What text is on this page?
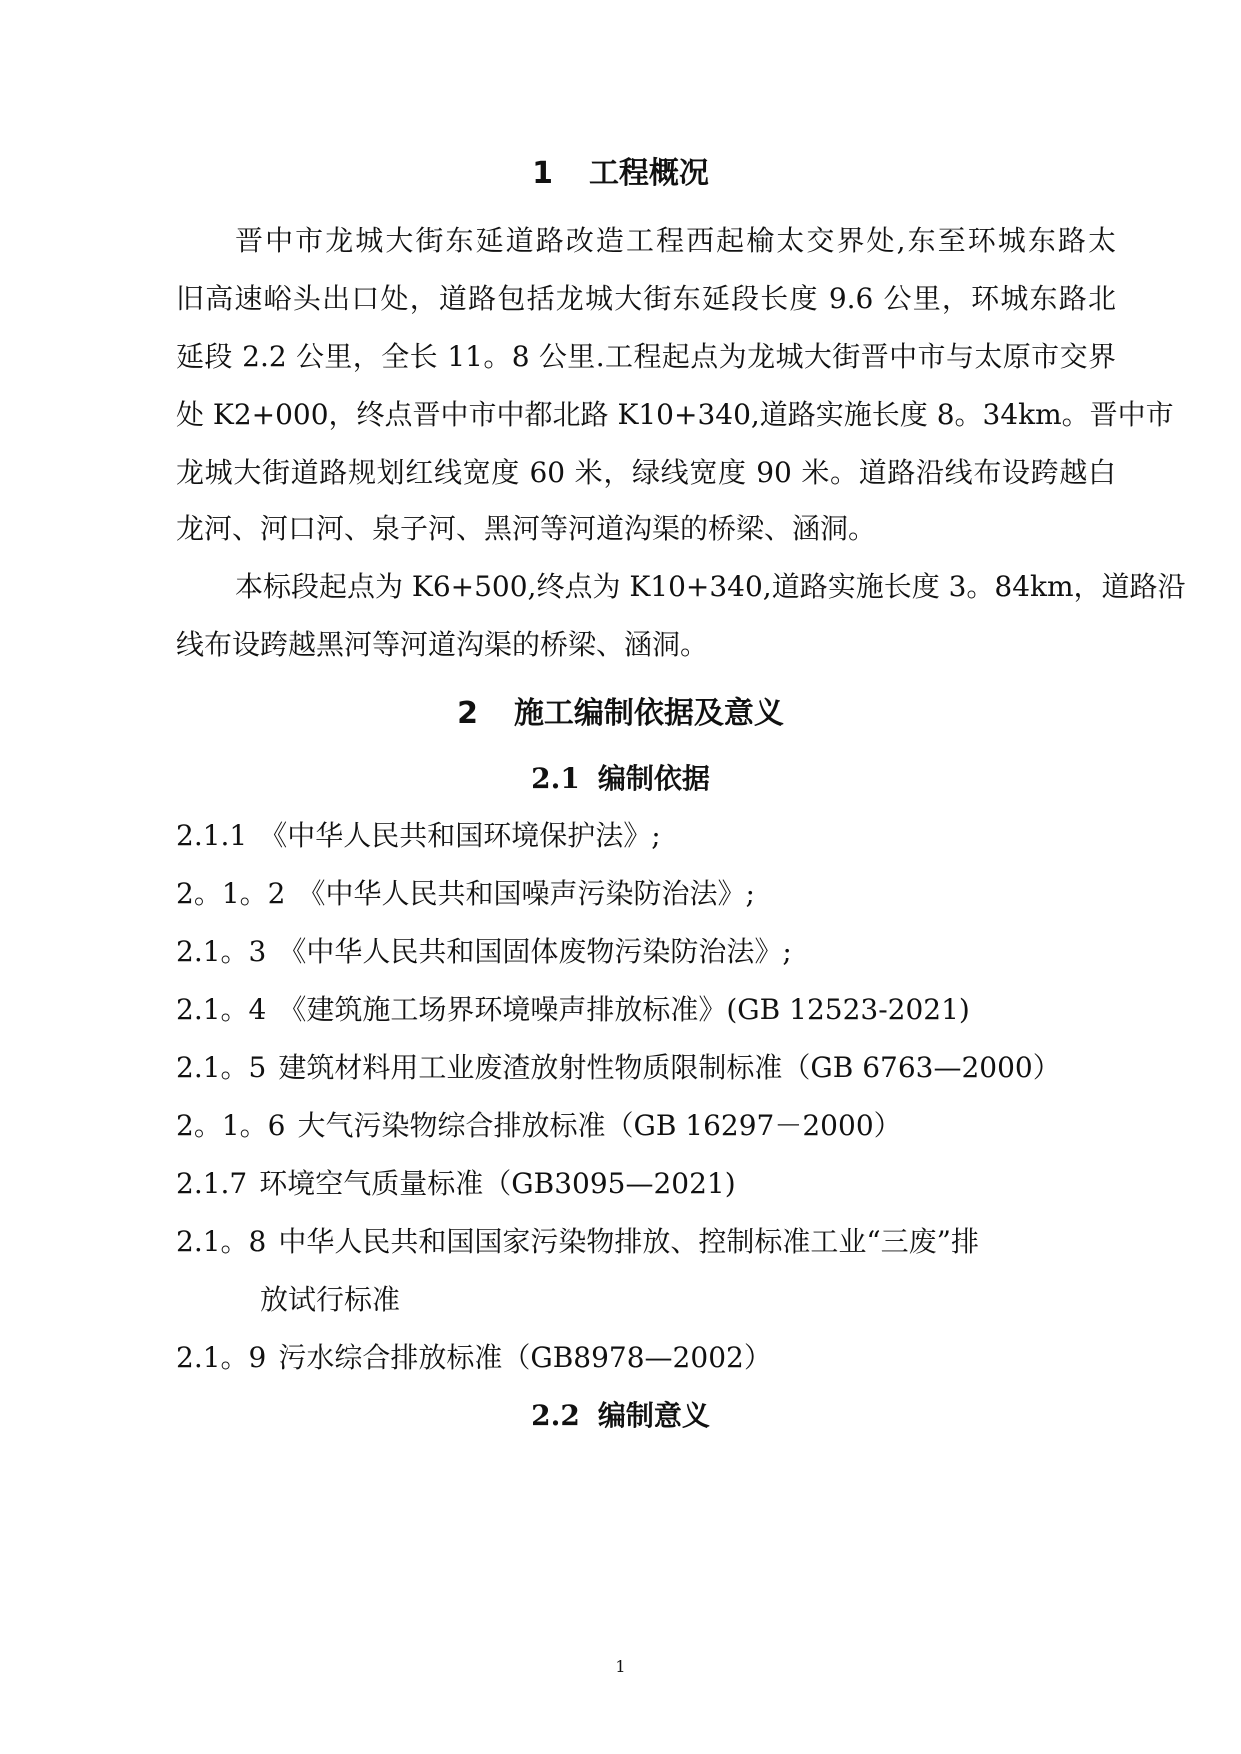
1 工程概况

晋中市龙城大街东延道路改造工程西起榆太交界处,东至环城东路太

旧高速峪头出口处，道路包括龙城大街东延段长度 9.6 公里，环城东路北

延段 2.2 公里，全长 11。8 公里.工程起点为龙城大街晋中市与太原市交界

处 K2+000，终点晋中市中都北路 K10+340,道路实施长度 8。34km。晋中市

龙城大街道路规划红线宽度 60 米，绿线宽度 90 米。道路沿线布设跨越白

龙河、河口河、泉子河、黑河等河道沟渠的桥梁、涵洞。

本标段起点为 K6+500,终点为 K10+340,道路实施长度 3。84km，道路沿

线布设跨越黑河等河道沟渠的桥梁、涵洞。

2 施工编制依据及意义
2.1 编制依据

2.1.1 《中华人民共和国环境保护法》;

2。1。2 《中华人民共和国噪声污染防治法》;

2.1。3 《中华人民共和国固体废物污染防治法》;

2.1。4 《建筑施工场界环境噪声排放标准》(GB 12523-2021)

2.1。5 建筑材料用工业废渣放射性物质限制标准（GB 6763—2000）

2。1。6 大气污染物综合排放标准（GB 16297－2000）

2.1.7 环境空气质量标准（GB3095—2021)

2.1。8 中华人民共和国国家污染物排放、控制标准工业“三废”排

放试行标准

2.1。9 污水综合排放标准（GB8978—2002）

2.2 编制意义

1
